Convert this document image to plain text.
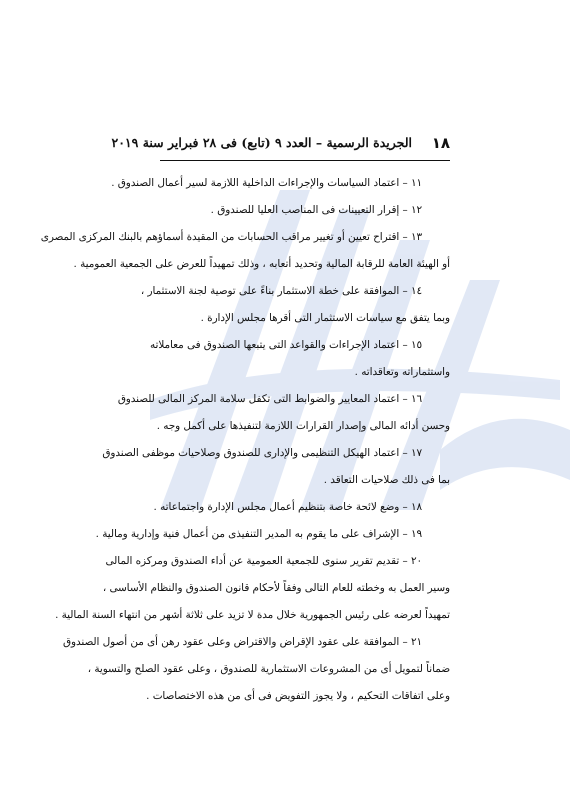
١٨
الجريدة الرسمية – العدد ٩ (تابع) فى ٢٨ فبراير سنة ٢٠١٩
١١ – اعتماد السياسات والإجراءات الداخلية اللازمة لسير أعمال الصندوق .
١٢ – إقرار التعيينات فى المناصب العليا للصندوق .
١٣ – اقتراح تعيين أو تغيير مراقب الحسابات من المقيدة أسماؤهم بالبنك المركزى المصرى
أو الهيئة العامة للرقابة المالية وتحديد أتعابه ، وذلك تمهيداً للعرض على الجمعية العمومية .
١٤ – الموافقة على خطة الاستثمار بناءً على توصية لجنة الاستثمار ،
وبما يتفق مع سياسات الاستثمار التى أقرها مجلس الإدارة .
١٥ – اعتماد الإجراءات والقواعد التى يتبعها الصندوق فى معاملاته
واستثماراته وتعاقداته .
١٦ – اعتماد المعايير والضوابط التى تكفل سلامة المركز المالى للصندوق
وحسن أدائه المالى وإصدار القرارات اللازمة لتنفيذها على أكمل وجه .
١٧ – اعتماد الهيكل التنظيمى والإدارى للصندوق وصلاحيات موظفى الصندوق
بما فى ذلك صلاحيات التعاقد .
١٨ – وضع لائحة خاصة بتنظيم أعمال مجلس الإدارة واجتماعاته .
١٩ – الإشراف على ما يقوم به المدير التنفيذى من أعمال فنية وإدارية ومالية .
٢٠ – تقديم تقرير سنوى للجمعية العمومية عن أداء الصندوق ومركزه المالى
وسير العمل به وخطته للعام التالى وفقاً لأحكام قانون الصندوق والنظام الأساسى ،
تمهيداً لعرضه على رئيس الجمهورية خلال مدة لا تزيد على ثلاثة أشهر من انتهاء السنة المالية .
٢١ – الموافقة على عقود الإقراض والاقتراض وعلى عقود رهن أى من أصول الصندوق
ضماناً لتمويل أى من المشروعات الاستثمارية للصندوق ، وعلى عقود الصلح والتسوية ،
وعلى اتفاقات التحكيم ، ولا يجوز التفويض فى أى من هذه الاختصاصات .
